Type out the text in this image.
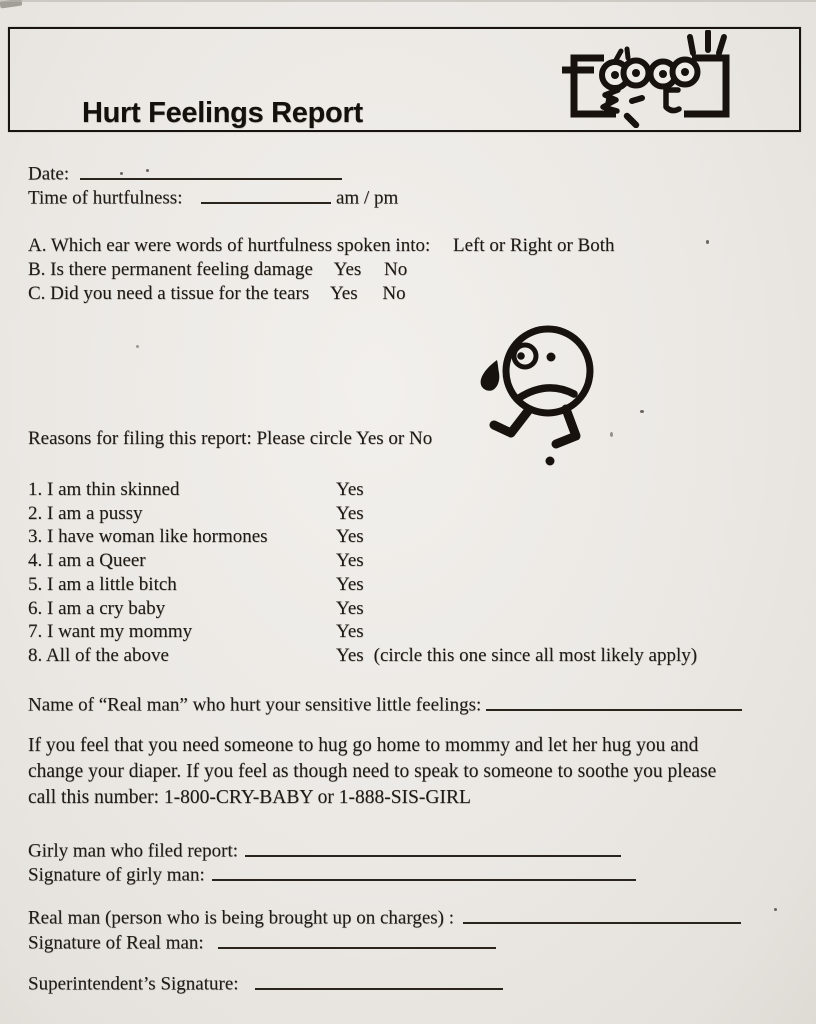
Hurt Feelings Report
Date:
Time of hurtfulness:	am / pm
A. Which ear were words of hurtfulness spoken into: Left or Right or Both
B. Is there permanent feeling damage Yes No
C. Did you need a tissue for the tears Yes No
Reasons for filing this report: Please circle Yes or No
1. I am thin skinned	Yes
2. I am a pussy	Yes
3. I have woman like hormones	Yes
4. I am a Queer	Yes
5. I am a little bitch	Yes
6. I am a cry baby	Yes
7. I want my mommy	Yes
8. All of the above	Yes (circle this one since all most likely apply)
Name of “Real man” who hurt your sensitive little feelings:
If you feel that you need someone to hug go home to mommy and let her hug you and
change your diaper. If you feel as though need to speak to someone to soothe you please
call this number: 1-800-CRY-BABY or 1-888-SIS-GIRL
Girly man who filed report:
Signature of girly man:
Real man (person who is being brought up on charges) :
Signature of Real man:
Superintendent’s Signature:
